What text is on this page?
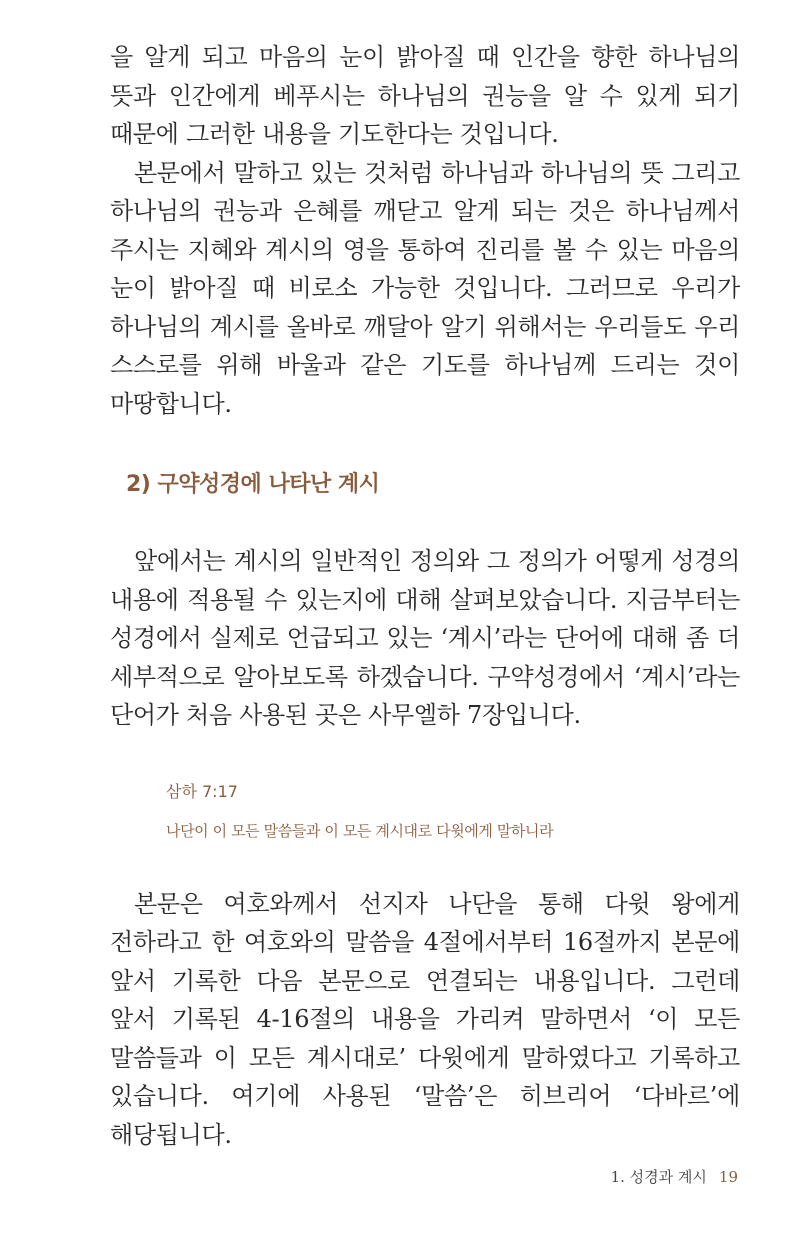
을 알게 되고 마음의 눈이 밝아질 때 인간을 향한 하나님의 뜻과 인간에게 베푸시는 하나님의 권능을 알 수 있게 되기 때문에 그러한 내용을 기도한다는 것입니다.

본문에서 말하고 있는 것처럼 하나님과 하나님의 뜻 그리고 하나님의 권능과 은혜를 깨닫고 알게 되는 것은 하나님께서 주시는 지혜와 계시의 영을 통하여 진리를 볼 수 있는 마음의 눈이 밝아질 때 비로소 가능한 것입니다. 그러므로 우리가 하나님의 계시를 올바로 깨달아 알기 위해서는 우리들도 우리 스스로를 위해 바울과 같은 기도를 하나님께 드리는 것이 마땅합니다.

2) 구약성경에 나타난 계시

앞에서는 계시의 일반적인 정의와 그 정의가 어떻게 성경의 내용에 적용될 수 있는지에 대해 살펴보았습니다. 지금부터는 성경에서 실제로 언급되고 있는 ‘계시’라는 단어에 대해 좀 더 세부적으로 알아보도록 하겠습니다. 구약성경에서 ‘계시’라는 단어가 처음 사용된 곳은 사무엘하 7장입니다.

삼하 7:17
나단이 이 모든 말씀들과 이 모든 계시대로 다윗에게 말하니라

본문은 여호와께서 선지자 나단을 통해 다윗 왕에게 전하라고 한 여호와의 말씀을 4절에서부터 16절까지 본문에 앞서 기록한 다음 본문으로 연결되는 내용입니다. 그런데 앞서 기록된 4-16절의 내용을 가리켜 말하면서 ‘이 모든 말씀들과 이 모든 계시대로’ 다윗에게 말하였다고 기록하고 있습니다. 여기에 사용된 ‘말씀’은 히브리어 ‘다바르’에 해당됩니다.

1. 성경과 계시 19
